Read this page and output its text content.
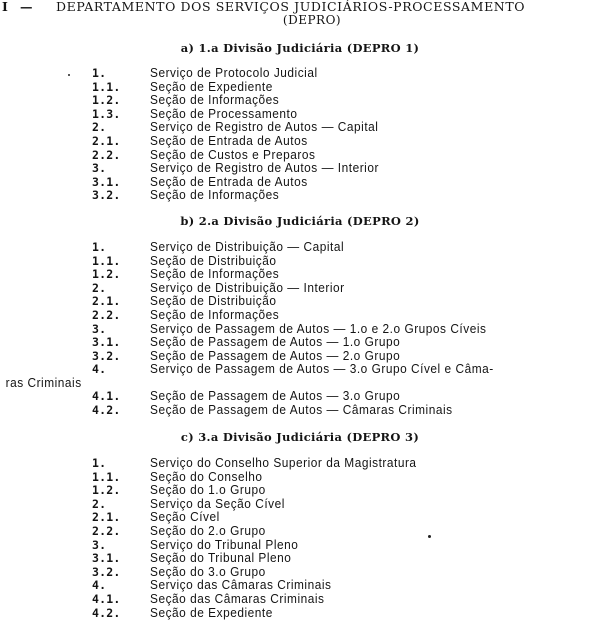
I — DEPARTAMENTO DOS SERVIÇOS JUDICIÁRIOS-PROCESSAMENTO
(DEPRO)
a) 1.a Divisão Judiciária (DEPRO 1)
1.	Serviço de Protocolo Judicial
1.1. Seção de Expediente
1.2. Seção de Informações
1.3. Seção de Processamento
2.	Serviço de Registro de Autos — Capital
2.1. Seção de Entrada de Autos
2.2. Seção de Custos e Preparos
3.	Serviço de Registro de Autos — Interior
3.1. Seção de Entrada de Autos
3.2. Seção de Informações
b) 2.a Divisão Judiciária (DEPRO 2)
1.	Serviço de Distribuição — Capital
1.1. Seção de Distribuição
1.2. Seção de Informações
2.	Serviço de Distribuição — Interior
2.1. Seção de Distribuição
2.2. Seção de Informações
3.	Serviço de Passagem de Autos — 1.o e 2.o Grupos Cíveis
3.1. Seção de Passagem de Autos — 1.o Grupo
3.2. Seção de Passagem de Autos — 2.o Grupo
4.	Serviço de Passagem de Autos — 3.o Grupo Cível e Câma-
ras Criminais
4.1. Seção de Passagem de Autos — 3.o Grupo
4.2. Seção de Passagem de Autos — Câmaras Criminais
c) 3.a Divisão Judiciária (DEPRO 3)
1.	Serviço do Conselho Superior da Magistratura
1.1. Seção do Conselho
1.2. Seção do 1.o Grupo
2.	Serviço da Seção Cível
2.1. Seção Cível
2.2. Seção do 2.o Grupo
3.	Serviço do Tribunal Pleno
3.1. Seção do Tribunal Pleno
3.2. Seção do 3.o Grupo
4.	Serviço das Câmaras Criminais
4.1. Seção das Câmaras Criminais
4.2. Seção de Expediente
